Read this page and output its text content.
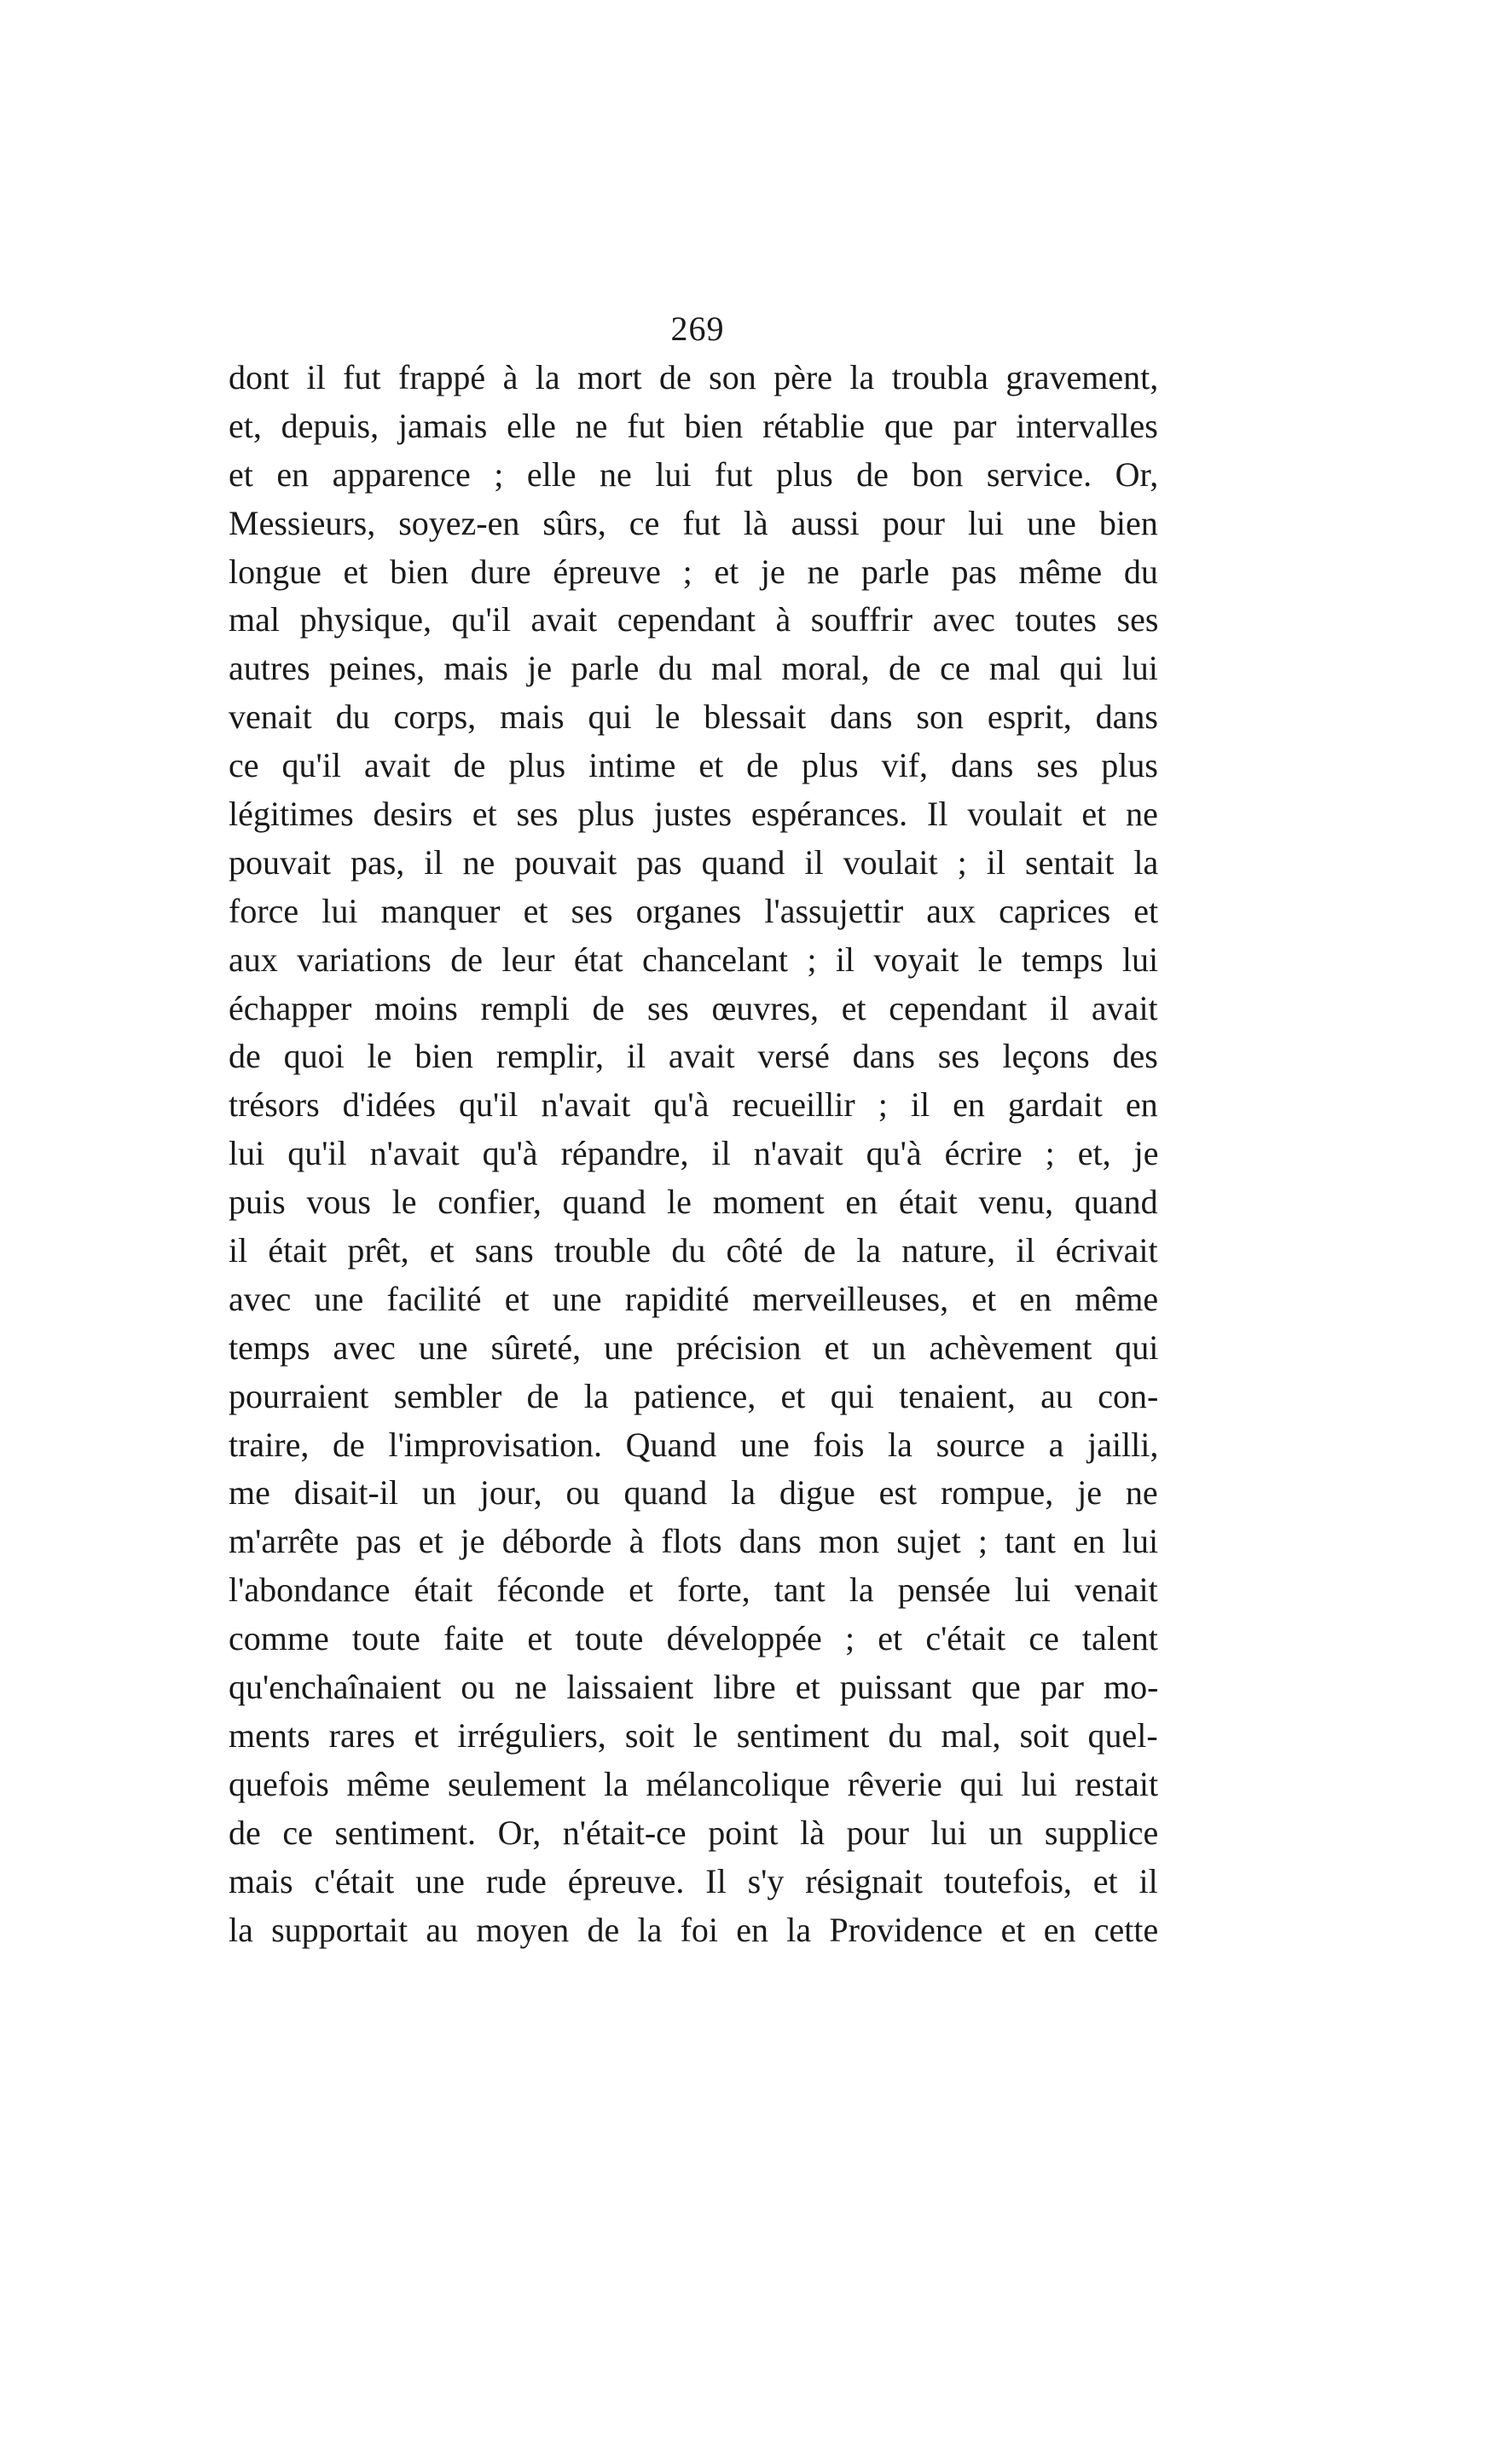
269
dont il fut frappé à la mort de son père la troubla gravement,
et, depuis, jamais elle ne fut bien rétablie que par intervalles
et en apparence ; elle ne lui fut plus de bon service. Or,
Messieurs, soyez-en sûrs, ce fut là aussi pour lui une bien
longue et bien dure épreuve ; et je ne parle pas même du
mal physique, qu'il avait cependant à souffrir avec toutes ses
autres peines, mais je parle du mal moral, de ce mal qui lui
venait du corps, mais qui le blessait dans son esprit, dans
ce qu'il avait de plus intime et de plus vif, dans ses plus
légitimes desirs et ses plus justes espérances. Il voulait et ne
pouvait pas, il ne pouvait pas quand il voulait ; il sentait la
force lui manquer et ses organes l'assujettir aux caprices et
aux variations de leur état chancelant ; il voyait le temps lui
échapper moins rempli de ses œuvres, et cependant il avait
de quoi le bien remplir, il avait versé dans ses leçons des
trésors d'idées qu'il n'avait qu'à recueillir ; il en gardait en
lui qu'il n'avait qu'à répandre, il n'avait qu'à écrire ; et, je
puis vous le confier, quand le moment en était venu, quand
il était prêt, et sans trouble du côté de la nature, il écrivait
avec une facilité et une rapidité merveilleuses, et en même
temps avec une sûreté, une précision et un achèvement qui
pourraient sembler de la patience, et qui tenaient, au con-
traire, de l'improvisation. Quand une fois la source a jailli,
me disait-il un jour, ou quand la digue est rompue, je ne
m'arrête pas et je déborde à flots dans mon sujet ; tant en lui
l'abondance était féconde et forte, tant la pensée lui venait
comme toute faite et toute développée ; et c'était ce talent
qu'enchaînaient ou ne laissaient libre et puissant que par mo-
ments rares et irréguliers, soit le sentiment du mal, soit quel-
quefois même seulement la mélancolique rêverie qui lui restait
de ce sentiment. Or, n'était-ce point là pour lui un supplice
mais c'était une rude épreuve. Il s'y résignait toutefois, et il
la supportait au moyen de la foi en la Providence et en cette
